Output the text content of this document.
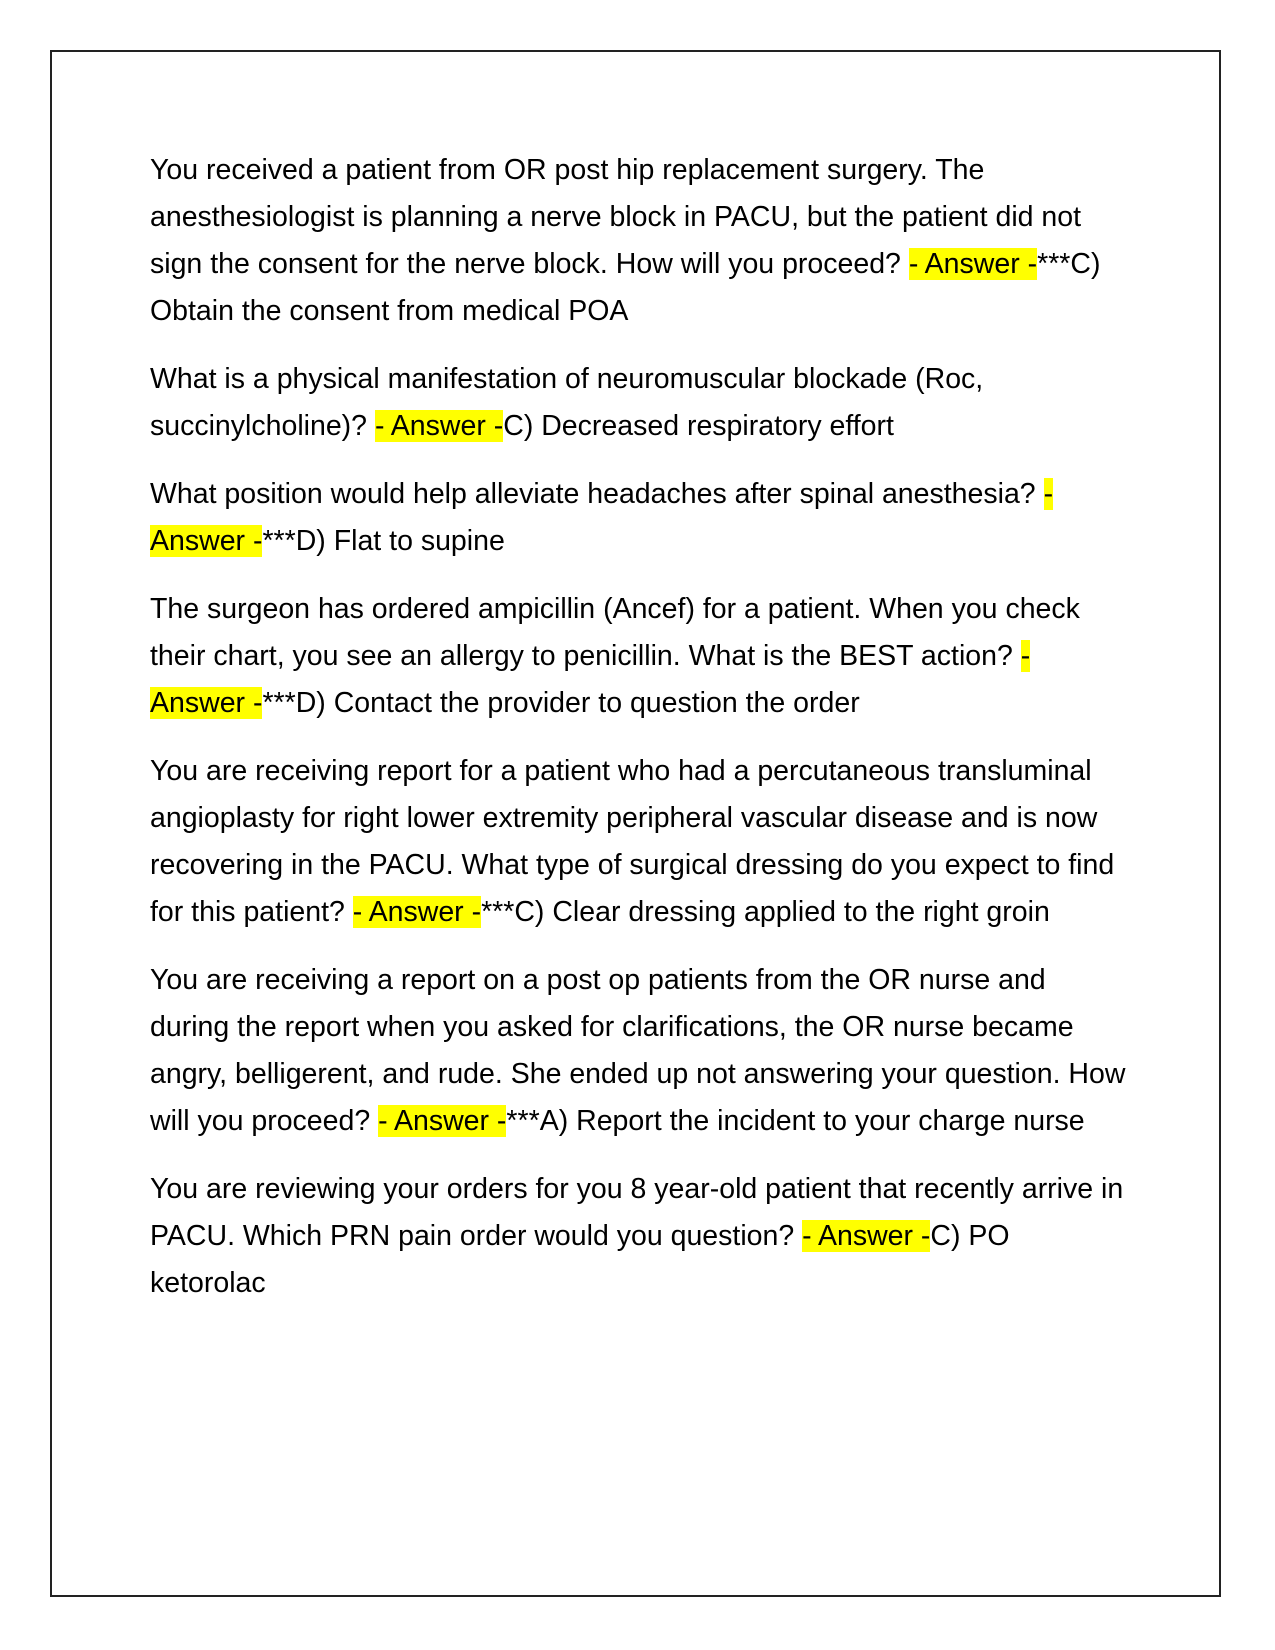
You received a patient from OR post hip replacement surgery. The anesthesiologist is planning a nerve block in PACU, but the patient did not sign the consent for the nerve block. How will you proceed? - Answer -***C) Obtain the consent from medical POA

What is a physical manifestation of neuromuscular blockade (Roc, succinylcholine)? - Answer -C) Decreased respiratory effort

What position would help alleviate headaches after spinal anesthesia? - Answer -***D) Flat to supine

The surgeon has ordered ampicillin (Ancef) for a patient. When you check their chart, you see an allergy to penicillin. What is the BEST action? - Answer -***D) Contact the provider to question the order

You are receiving report for a patient who had a percutaneous transluminal angioplasty for right lower extremity peripheral vascular disease and is now recovering in the PACU. What type of surgical dressing do you expect to find for this patient? - Answer -***C) Clear dressing applied to the right groin

You are receiving a report on a post op patients from the OR nurse and during the report when you asked for clarifications, the OR nurse became angry, belligerent, and rude. She ended up not answering your question. How will you proceed? - Answer -***A) Report the incident to your charge nurse

You are reviewing your orders for you 8 year-old patient that recently arrive in PACU. Which PRN pain order would you question? - Answer -C) PO ketorolac
